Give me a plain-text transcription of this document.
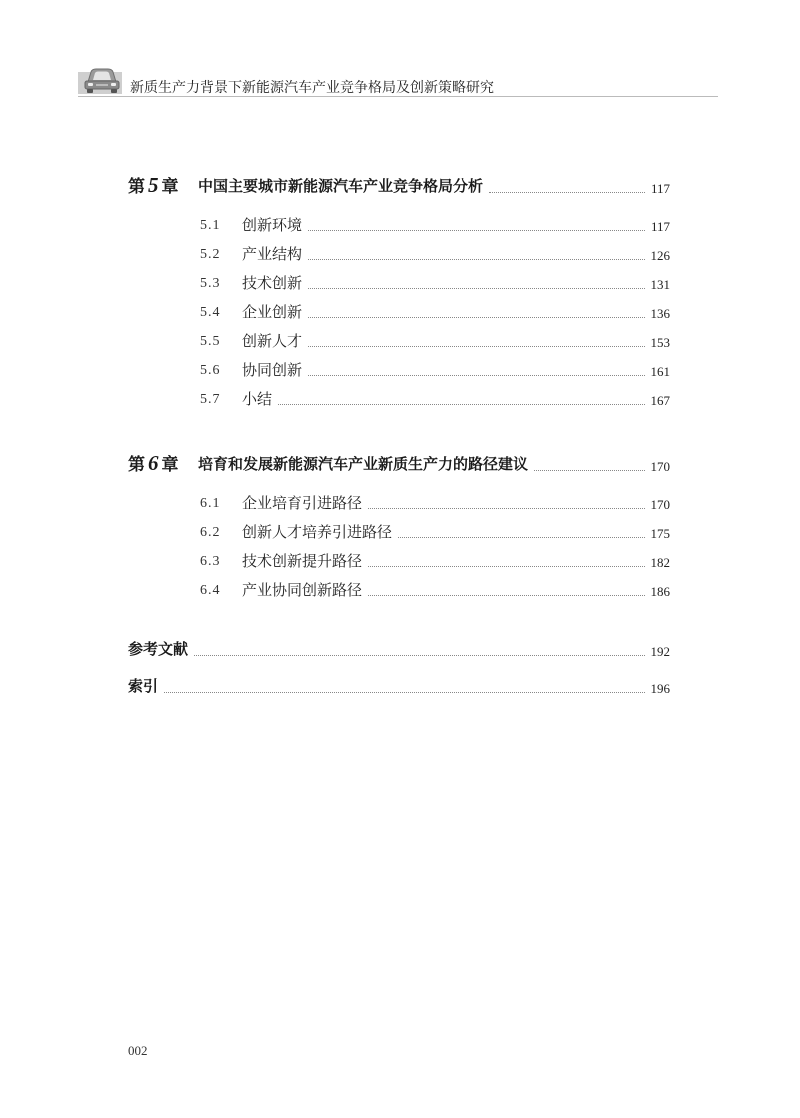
新质生产力背景下新能源汽车产业竞争格局及创新策略研究
第 5 章	中国主要城市新能源汽车产业竞争格局分析	117
5.1	创新环境	117
5.2	产业结构	126
5.3	技术创新	131
5.4	企业创新	136
5.5	创新人才	153
5.6	协同创新	161
5.7	小结	167
第 6 章	培育和发展新能源汽车产业新质生产力的路径建议	170
6.1	企业培育引进路径	170
6.2	创新人才培养引进路径	175
6.3	技术创新提升路径	182
6.4	产业协同创新路径	186
参考文献	192
索引	196
002
